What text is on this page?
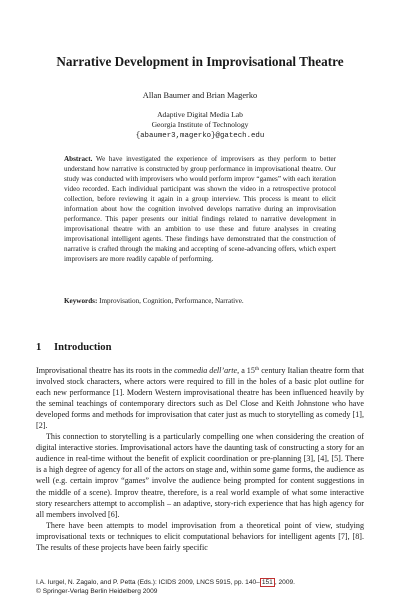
Narrative Development in Improvisational Theatre
Allan Baumer and Brian Magerko
Adaptive Digital Media Lab
Georgia Institute of Technology
{abaumer3,magerko}@gatech.edu
Abstract. We have investigated the experience of improvisers as they perform to better understand how narrative is constructed by group performance in improvisational theatre. Our study was conducted with improvisers who would perform improv “games” with each iteration video recorded. Each individual participant was shown the video in a retrospective protocol collection, before reviewing it again in a group interview. This process is meant to elicit information about how the cognition involved develops narrative during an improvisation performance. This paper presents our initial findings related to narrative development in improvisational theatre with an ambition to use these and future analyses in creating improvisational intelligent agents. These findings have demonstrated that the construction of narrative is crafted through the making and accepting of scene-advancing offers, which expert improvisers are more readily capable of performing.
Keywords: Improvisation, Cognition, Performance, Narrative.
1 Introduction

Improvisational theatre has its roots in the commedia dell’arte, a 15th century Italian theatre form that involved stock characters, where actors were required to fill in the holes of a basic plot outline for each new performance [1]. Modern Western improvisational theatre has been influenced heavily by the seminal teachings of contemporary directors such as Del Close and Keith Johnstone who have developed forms and methods for improvisation that cater just as much to storytelling as comedy [1], [2].

This connection to storytelling is a particularly compelling one when considering the creation of digital interactive stories. Improvisational actors have the daunting task of constructing a story for an audience in real-time without the benefit of explicit coordination or pre-planning [3], [4], [5]. There is a high degree of agency for all of the actors on stage and, within some game forms, the audience as well (e.g. certain improv “games” involve the audience being prompted for content suggestions in the middle of a scene). Improv theatre, therefore, is a real world example of what some interactive story researchers attempt to accomplish – an adaptive, story-rich experience that has high agency for all members involved [6].

There have been attempts to model improvisation from a theoretical point of view, studying improvisational texts or techniques to elicit computational behaviors for intelligent agents [7], [8]. The results of these projects have been fairly specific

I.A. Iurgel, N. Zagalo, and P. Petta (Eds.): ICIDS 2009, LNCS 5915, pp. 140– 151 , 2009.
© Springer-Verlag Berlin Heidelberg 2009
